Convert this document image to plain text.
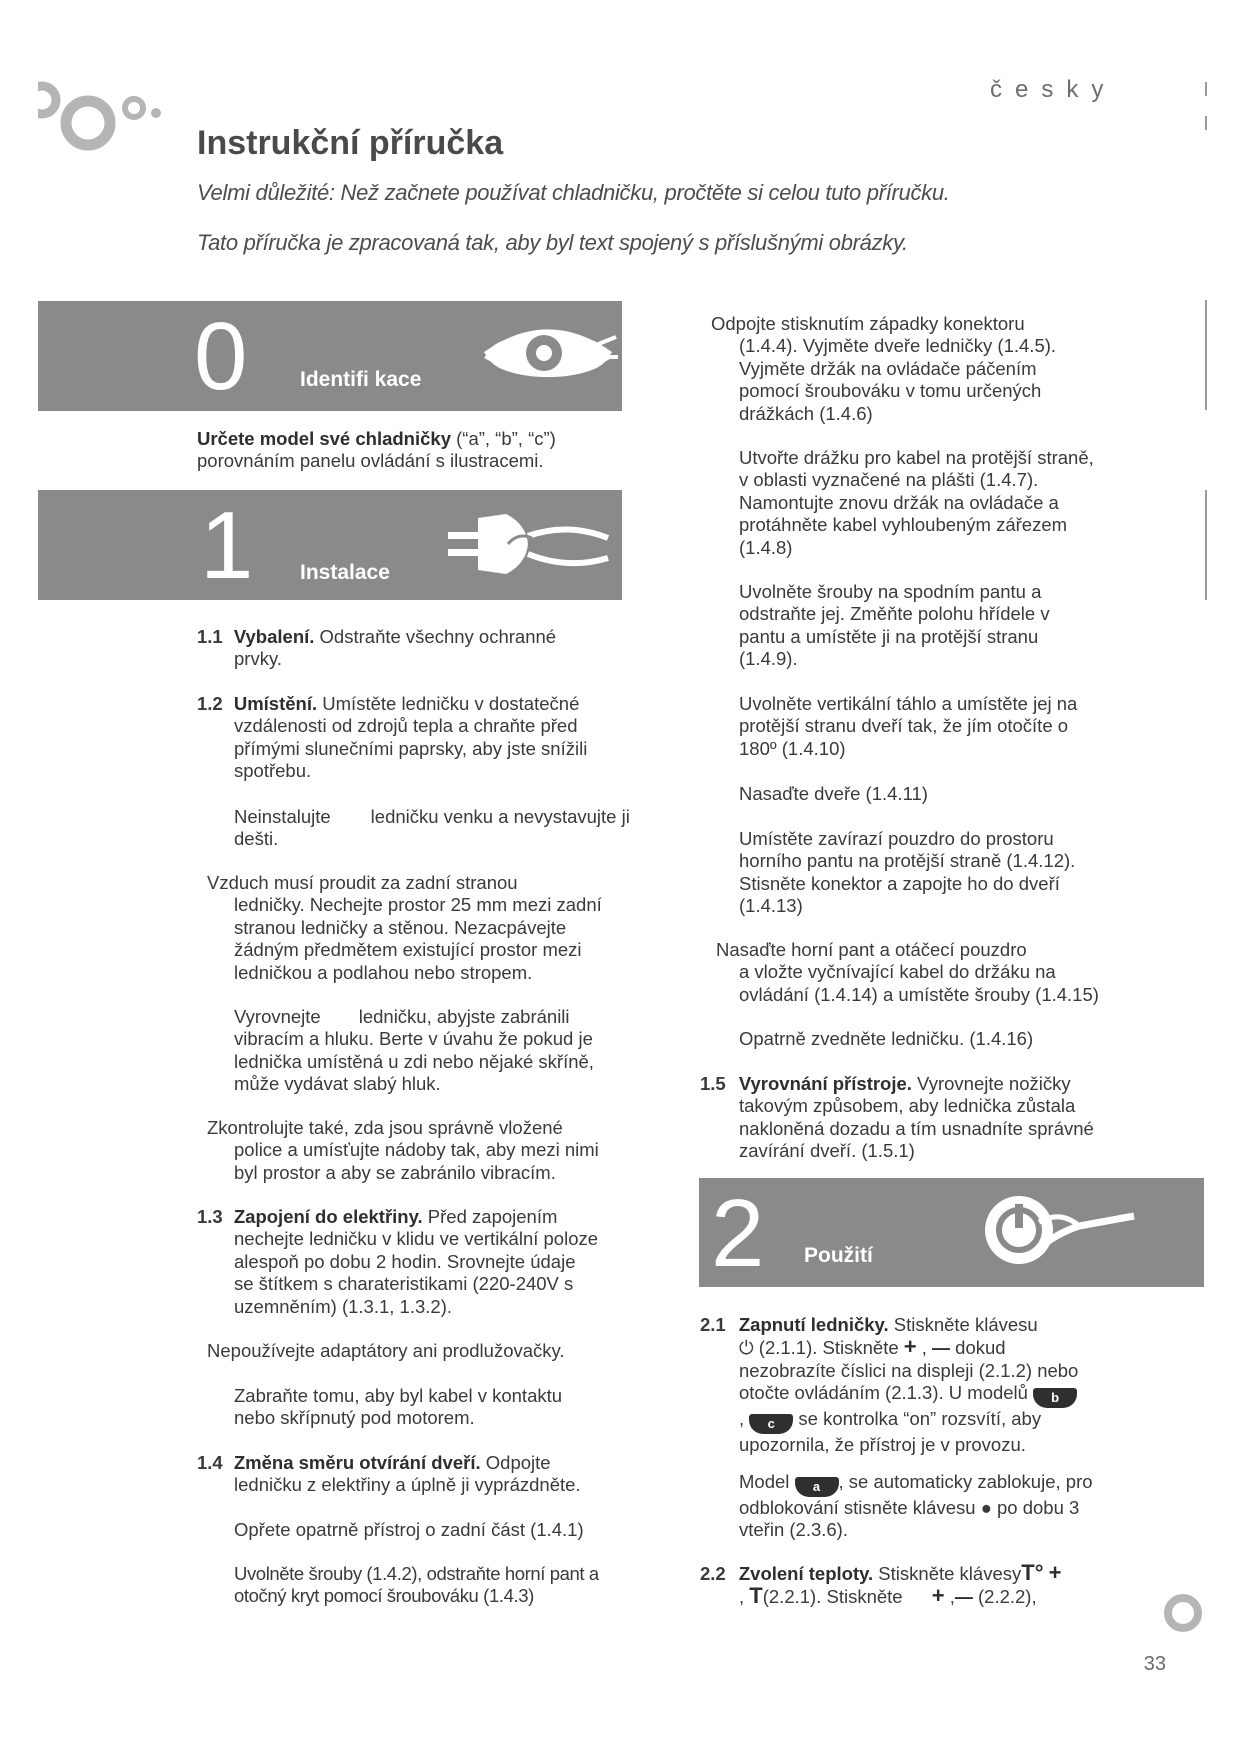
česky
Instrukční příručka
Velmi důležité: Než začnete používat chladničku, pročtěte si celou tuto příručku.
Tato příručka je zpracovaná tak, aby byl text spojený s příslušnými obrázky.
0	Identifi kace
Určete model své chladničky (“a”, “b”, “c”)
porovnáním panelu ovládání s ilustracemi.
1 Instalace
1.1 Vybalení. Odstraňte všechny ochranné
prvky.
1.2 Umístění. Umístěte ledničku v dostatečné
vzdálenosti od zdrojů tepla a chraňte před
přímými slunečními paprsky, aby jste snížili
spotřebu.
Neinstalujte ledničku venku a nevystavujte ji
dešti.
Vzduch musí proudit za zadní stranou
ledničky. Nechejte prostor 25 mm mezi zadní
stranou ledničky a stěnou. Nezacpávejte
žádným předmětem existující prostor mezi
ledničkou a podlahou nebo stropem.
Vyrovnejte ledničku, abyjste zabránili
vibracím a hluku. Berte v úvahu že pokud je
lednička umístěná u zdi nebo nějaké skříně,
může vydávat slabý hluk.
Zkontrolujte také, zda jsou správně vložené
police a umísťujte nádoby tak, aby mezi nimi
byl prostor a aby se zabránilo vibracím.
1.3 Zapojení do elektřiny. Před zapojením
nechejte ledničku v klidu ve vertikální poloze
alespoň po dobu 2 hodin. Srovnejte údaje
se štítkem s charateristikami (220-240V s
uzemněním) (1.3.1, 1.3.2).
Nepoužívejte adaptátory ani prodlužovačky.
Zabraňte tomu, aby byl kabel v kontaktu
nebo skřípnutý pod motorem.
1.4 Změna směru otvírání dveří. Odpojte
ledničku z elektřiny a úplně ji vyprázdněte.
Opřete opatrně přístroj o zadní část (1.4.1)
Uvolněte šrouby (1.4.2), odstraňte horní pant a
otočný kryt pomocí šroubováku (1.4.3)
Odpojte stisknutím západky konektoru
(1.4.4). Vyjměte dveře ledničky (1.4.5).
Vyjměte držák na ovládače páčením
pomocí šroubováku v tomu určených
drážkách (1.4.6)
Utvořte drážku pro kabel na protější straně,
v oblasti vyznačené na plášti (1.4.7).
Namontujte znovu držák na ovládače a
protáhněte kabel vyhloubeným zářezem
(1.4.8)
Uvolněte šrouby na spodním pantu a
odstraňte jej. Změňte polohu hřídele v
pantu a umístěte ji na protější stranu
(1.4.9).
Uvolněte vertikální táhlo a umístěte jej na
protější stranu dveří tak, že jím otočíte o
180º (1.4.10)
Nasaďte dveře (1.4.11)
Umístěte zavírazí pouzdro do prostoru
horního pantu na protější straně (1.4.12).
Stisněte konektor a zapojte ho do dveří
(1.4.13)
Nasaďte horní pant a otáčecí pouzdro
a vložte vyčnívající kabel do držáku na
ovládání (1.4.14) a umístěte šrouby (1.4.15)
Opatrně zvedněte ledničku. (1.4.16)
1.5 Vyrovnání přístroje. Vyrovnejte nožičky
takovým způsobem, aby lednička zůstala
nakloněná dozadu a tím usnadníte správné
zavírání dveří. (1.5.1)
2 Použití
2.1 Zapnutí ledničky. Stiskněte klávesu
⏻ (2.1.1). Stiskněte + , — dokud
nezobrazíte číslici na displeji (2.1.2) nebo
otočte ovládáním (2.1.3). U modelů b
, c se kontrolka “on” rozsvítí, aby
upozornila, že přístroj je v provozu.
Model a , se automaticky zablokuje, pro
odblokování stisněte klávesu ● po dobu 3
vteřin (2.3.6).
2.2 Zvolení teploty. Stiskněte klávesyT° +
, T(2.2.1). Stiskněte + ,— (2.2.2),
33
